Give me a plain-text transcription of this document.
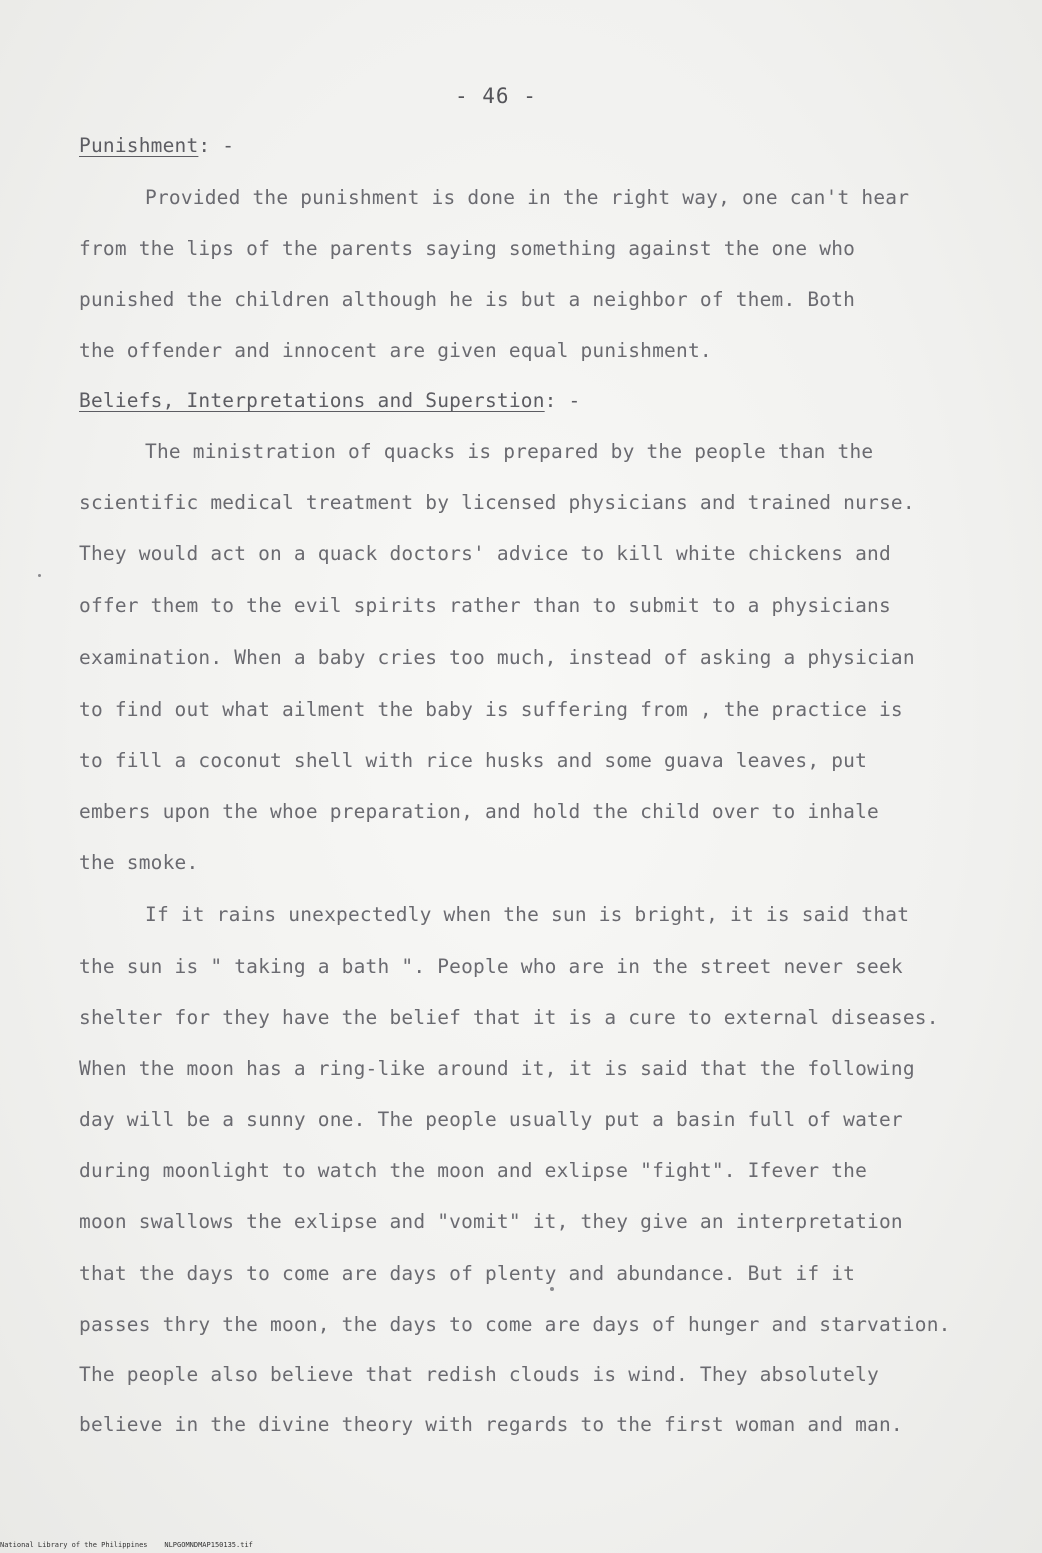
- 46 -
Punishment: -
Provided the punishment is done in the right way, one can't hear
from the lips of the parents saying something against the one who
punished the children although he is but a neighbor of them. Both
the offender and innocent are given equal punishment.
Beliefs, Interpretations and Superstion: -
The ministration of quacks is prepared by the people than the
scientific medical treatment by licensed physicians and trained nurse.
They would act on a quack doctors' advice to kill white chickens and
offer them to the evil spirits rather than to submit to a physicians
examination. When a baby cries too much, instead of asking a physician
to find out what ailment the baby is suffering from , the practice is
to fill a coconut shell with rice husks and some guava leaves, put
embers upon the whoe preparation, and hold the child over to inhale
the smoke.
If it rains unexpectedly when the sun is bright, it is said that
the sun is " taking a bath ". People who are in the street never seek
shelter for they have the belief that it is a cure to external diseases.
When the moon has a ring-like around it, it is said that the following
day will be a sunny one. The people usually put a basin full of water
during moonlight to watch the moon and exlipse "fight". Ifever the
moon swallows the exlipse and "vomit" it, they give an interpretation
that the days to come are days of plenty and abundance. But if it
passes thry the moon, the days to come are days of hunger and starvation.
The people also believe that redish clouds is wind. They absolutely
believe in the divine theory with regards to the first woman and man.
National Library of the Philippines NLPGOMNDMAP150135.tif
